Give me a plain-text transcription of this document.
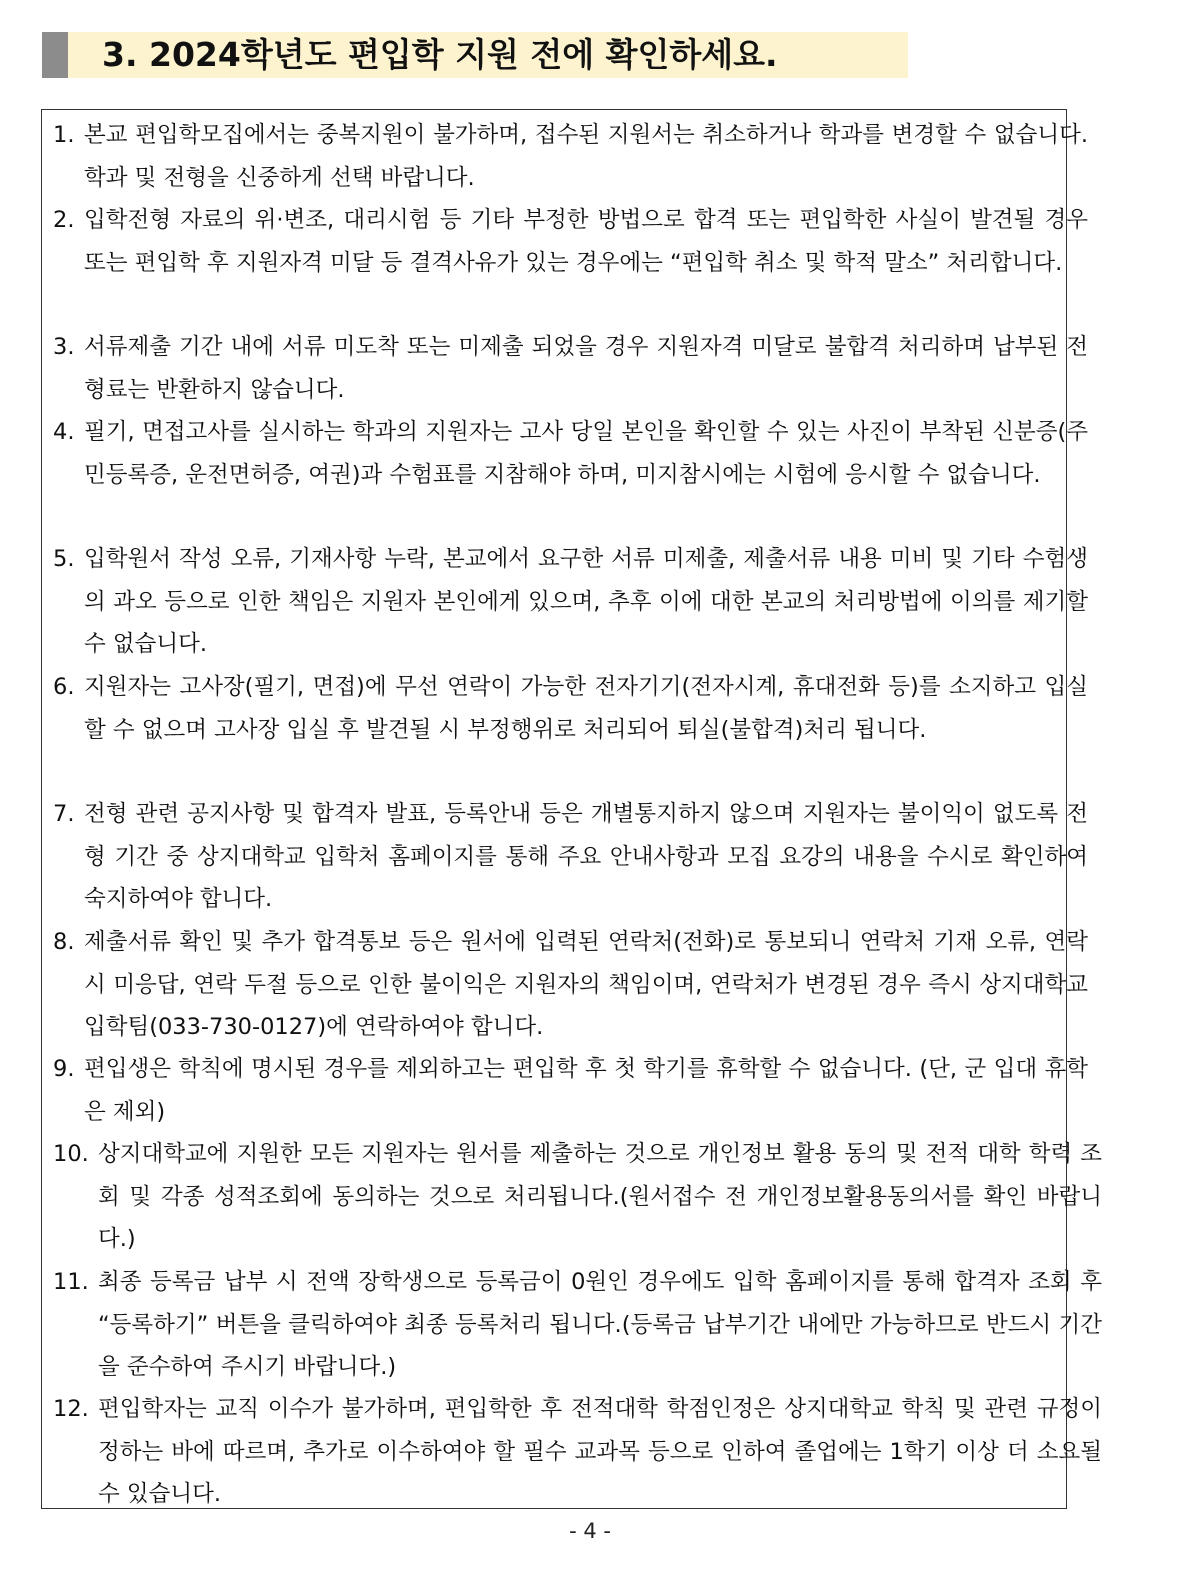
3. 2024학년도 편입학 지원 전에 확인하세요.
1. 본교 편입학모집에서는 중복지원이 불가하며, 접수된 지원서는 취소하거나 학과를 변경할 수 없습니다. 학과 및 전형을 신중하게 선택 바랍니다.
2. 입학전형 자료의 위·변조, 대리시험 등 기타 부정한 방법으로 합격 또는 편입학한 사실이 발견될 경우 또는 편입학 후 지원자격 미달 등 결격사유가 있는 경우에는 “편입학 취소 및 학적 말소” 처리합니다.
3. 서류제출 기간 내에 서류 미도착 또는 미제출 되었을 경우 지원자격 미달로 불합격 처리하며 납부된 전형료는 반환하지 않습니다.
4. 필기, 면접고사를 실시하는 학과의 지원자는 고사 당일 본인을 확인할 수 있는 사진이 부착된 신분증(주민등록증, 운전면허증, 여권)과 수험표를 지참해야 하며, 미지참시에는 시험에 응시할 수 없습니다.
5. 입학원서 작성 오류, 기재사항 누락, 본교에서 요구한 서류 미제출, 제출서류 내용 미비 및 기타 수험생의 과오 등으로 인한 책임은 지원자 본인에게 있으며, 추후 이에 대한 본교의 처리방법에 이의를 제기할 수 없습니다.
6. 지원자는 고사장(필기, 면접)에 무선 연락이 가능한 전자기기(전자시계, 휴대전화 등)를 소지하고 입실할 수 없으며 고사장 입실 후 발견될 시 부정행위로 처리되어 퇴실(불합격)처리 됩니다.
7. 전형 관련 공지사항 및 합격자 발표, 등록안내 등은 개별통지하지 않으며 지원자는 불이익이 없도록 전형 기간 중 상지대학교 입학처 홈페이지를 통해 주요 안내사항과 모집 요강의 내용을 수시로 확인하여 숙지하여야 합니다.
8. 제출서류 확인 및 추가 합격통보 등은 원서에 입력된 연락처(전화)로 통보되니 연락처 기재 오류, 연락 시 미응답, 연락 두절 등으로 인한 불이익은 지원자의 책임이며, 연락처가 변경된 경우 즉시 상지대학교 입학팀(033-730-0127)에 연락하여야 합니다.
9. 편입생은 학칙에 명시된 경우를 제외하고는 편입학 후 첫 학기를 휴학할 수 없습니다. (단, 군 입대 휴학은 제외)
10. 상지대학교에 지원한 모든 지원자는 원서를 제출하는 것으로 개인정보 활용 동의 및 전적 대학 학력 조회 및 각종 성적조회에 동의하는 것으로 처리됩니다.(원서접수 전 개인정보활용동의서를 확인 바랍니다.)
11. 최종 등록금 납부 시 전액 장학생으로 등록금이 0원인 경우에도 입학 홈페이지를 통해 합격자 조회 후 “등록하기” 버튼을 클릭하여야 최종 등록처리 됩니다.(등록금 납부기간 내에만 가능하므로 반드시 기간을 준수하여 주시기 바랍니다.)
12. 편입학자는 교직 이수가 불가하며, 편입학한 후 전적대학 학점인정은 상지대학교 학칙 및 관련 규정이 정하는 바에 따르며, 추가로 이수하여야 할 필수 교과목 등으로 인하여 졸업에는 1학기 이상 더 소요될 수 있습니다.
- 4 -
